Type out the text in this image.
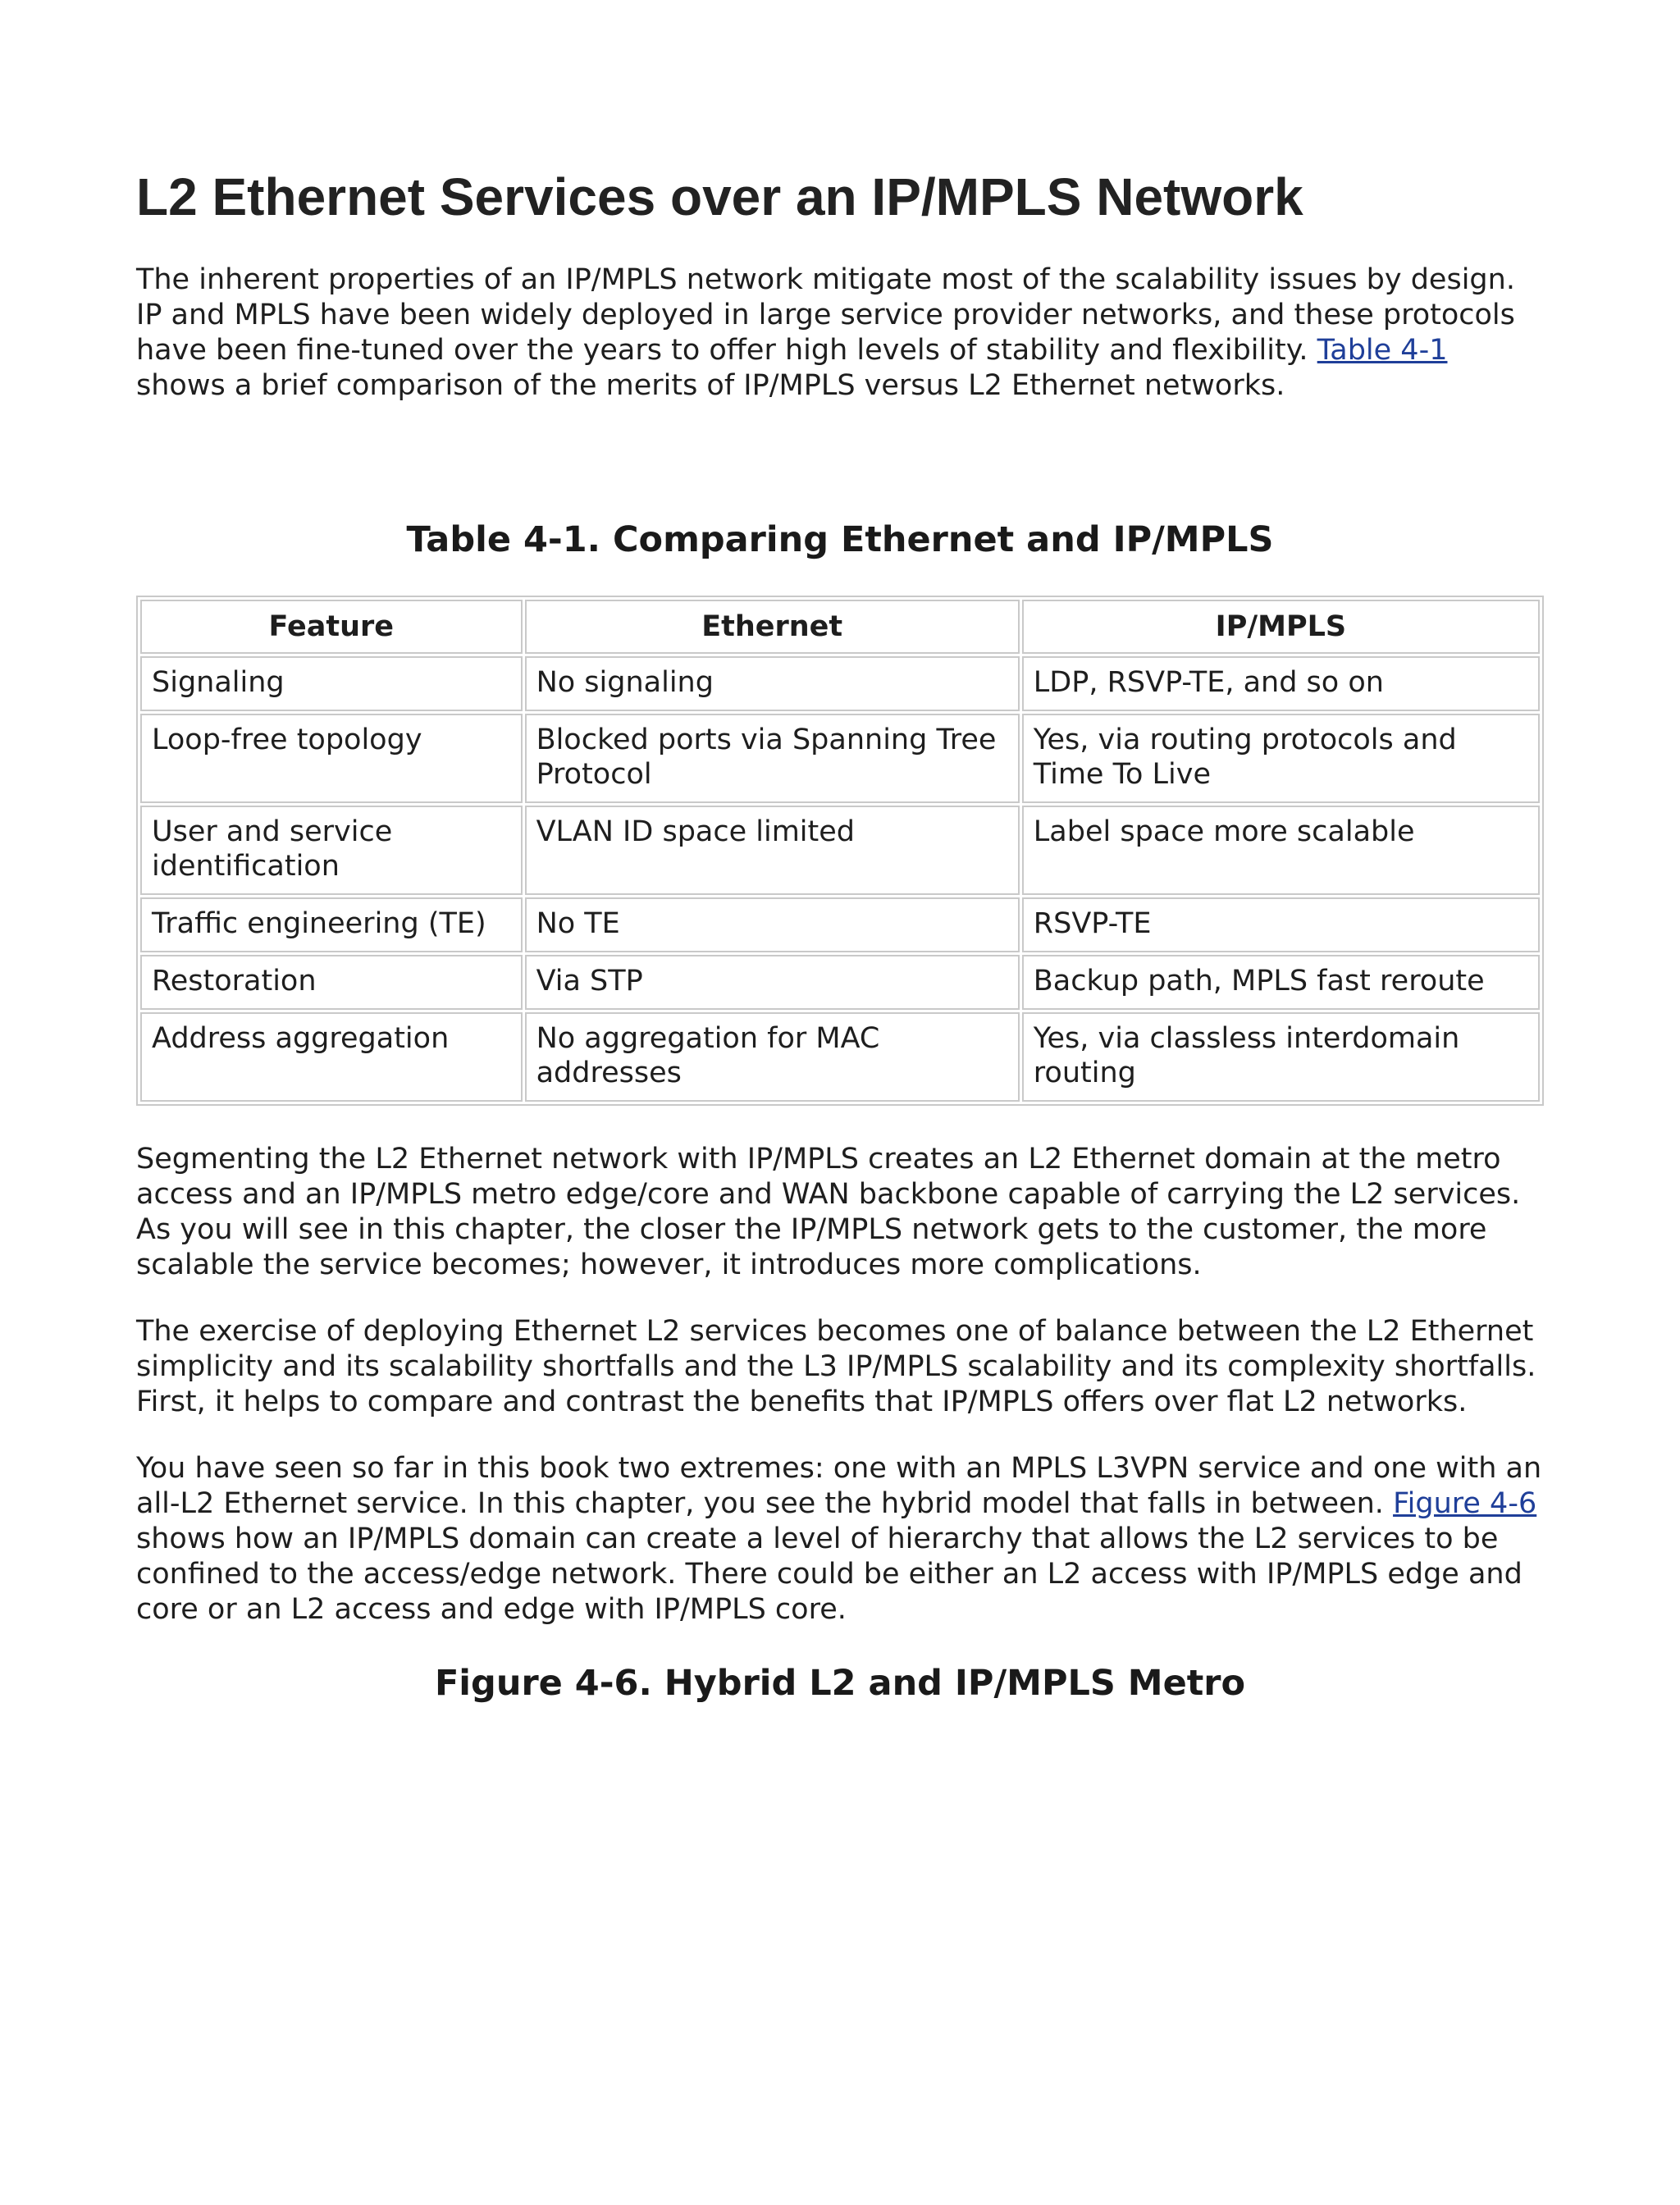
L2 Ethernet Services over an IP/MPLS Network

The inherent properties of an IP/MPLS network mitigate most of the scalability issues by design. IP and MPLS have been widely deployed in large service provider networks, and these protocols have been fine-tuned over the years to offer high levels of stability and flexibility. Table 4-1 shows a brief comparison of the merits of IP/MPLS versus L2 Ethernet networks.

Table 4-1. Comparing Ethernet and IP/MPLS
Feature	Ethernet	IP/MPLS
Signaling	No signaling	LDP, RSVP-TE, and so on
Loop-free topology	Blocked ports via Spanning Tree Protocol	Yes, via routing protocols and Time To Live
User and service identification	VLAN ID space limited	Label space more scalable
Traffic engineering (TE)	No TE	RSVP-TE
Restoration	Via STP	Backup path, MPLS fast reroute
Address aggregation	No aggregation for MAC addresses	Yes, via classless interdomain routing

Segmenting the L2 Ethernet network with IP/MPLS creates an L2 Ethernet domain at the metro access and an IP/MPLS metro edge/core and WAN backbone capable of carrying the L2 services. As you will see in this chapter, the closer the IP/MPLS network gets to the customer, the more scalable the service becomes; however, it introduces more complications.

The exercise of deploying Ethernet L2 services becomes one of balance between the L2 Ethernet simplicity and its scalability shortfalls and the L3 IP/MPLS scalability and its complexity shortfalls. First, it helps to compare and contrast the benefits that IP/MPLS offers over flat L2 networks.

You have seen so far in this book two extremes: one with an MPLS L3VPN service and one with an all-L2 Ethernet service. In this chapter, you see the hybrid model that falls in between. Figure 4-6 shows how an IP/MPLS domain can create a level of hierarchy that allows the L2 services to be confined to the access/edge network. There could be either an L2 access with IP/MPLS edge and core or an L2 access and edge with IP/MPLS core.

Figure 4-6. Hybrid L2 and IP/MPLS Metro
